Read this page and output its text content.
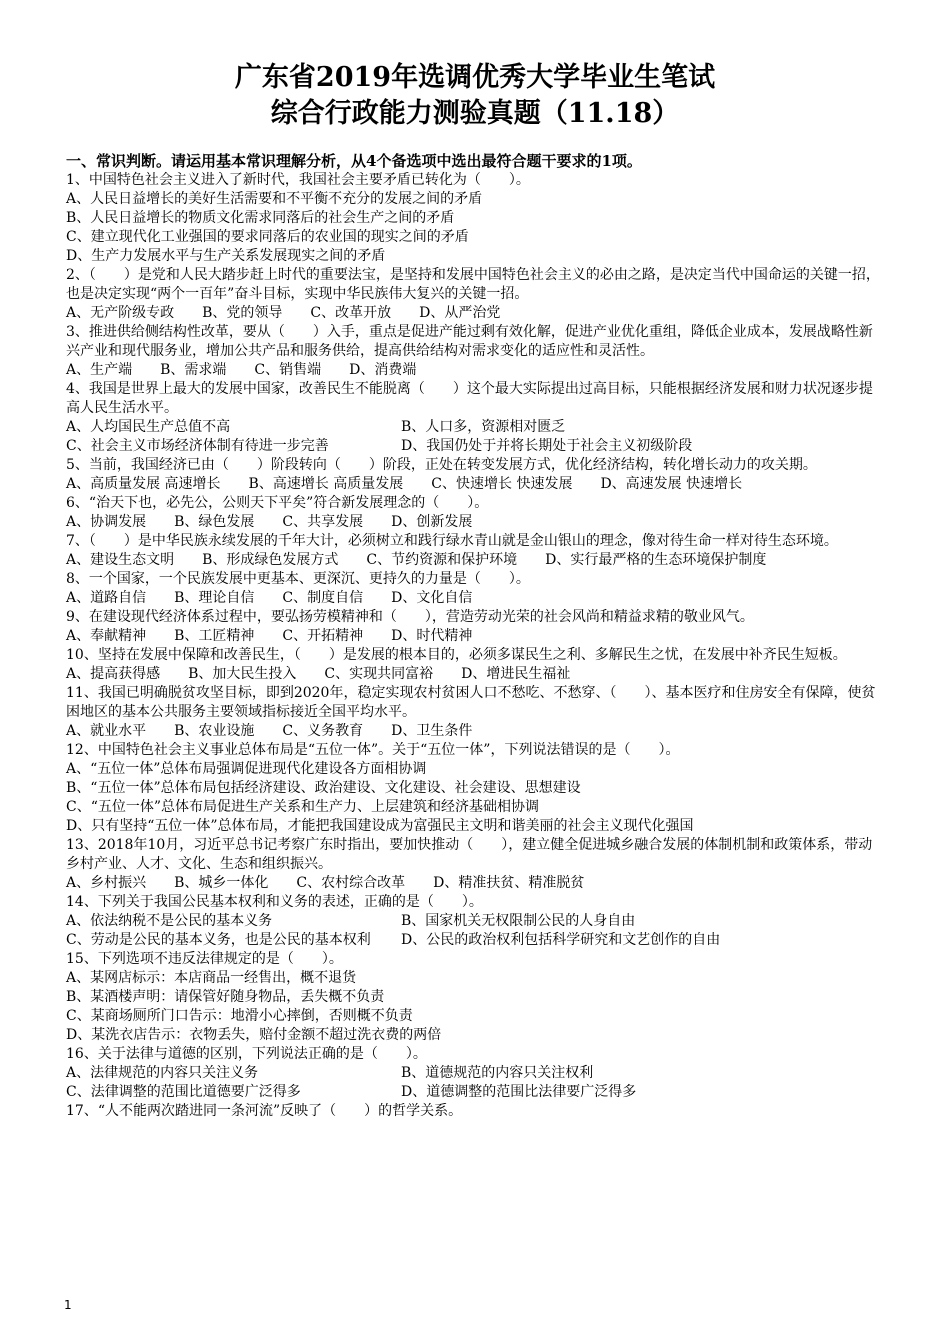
广东省2019年选调优秀大学毕业生笔试
综合行政能力测验真题（11.18）
一、常识判断。请运用基本常识理解分析，从4个备选项中选出最符合题干要求的1项。
1、中国特色社会主义进入了新时代，我国社会主要矛盾已转化为（　　）。
A、人民日益增长的美好生活需要和不平衡不充分的发展之间的矛盾
B、人民日益增长的物质文化需求同落后的社会生产之间的矛盾
C、建立现代化工业强国的要求同落后的农业国的现实之间的矛盾
D、生产力发展水平与生产关系发展现实之间的矛盾
2、（　　）是党和人民大踏步赶上时代的重要法宝，是坚持和发展中国特色社会主义的必由之路，是决定当代中国命运的关键一招，也是决定实现“两个一百年”奋斗目标，实现中华民族伟大复兴的关键一招。
A、无产阶级专政　　B、党的领导　　C、改革开放　　D、从严治党
3、推进供给侧结构性改革，要从（　　）入手，重点是促进产能过剩有效化解，促进产业优化重组，降低企业成本，发展战略性新兴产业和现代服务业，增加公共产品和服务供给，提高供给结构对需求变化的适应性和灵活性。
A、生产端　　B、需求端　　C、销售端　　D、消费端
4、我国是世界上最大的发展中国家，改善民生不能脱离（　　）这个最大实际提出过高目标，只能根据经济发展和财力状况逐步提高人民生活水平。
A、人均国民生产总值不高	B、人口多，资源相对匮乏
C、社会主义市场经济体制有待进一步完善	D、我国仍处于并将长期处于社会主义初级阶段
5、当前，我国经济已由（　　）阶段转向（　　）阶段，正处在转变发展方式，优化经济结构，转化增长动力的攻关期。
A、高质量发展 高速增长　　B、高速增长 高质量发展　　C、快速增长 快速发展　　D、高速发展 快速增长
6、“治天下也，必先公，公则天下平矣”符合新发展理念的（　　）。
A、协调发展　　B、绿色发展　　C、共享发展　　D、创新发展
7、（　　）是中华民族永续发展的千年大计，必须树立和践行绿水青山就是金山银山的理念，像对待生命一样对待生态环境。
A、建设生态文明　　B、形成绿色发展方式　　C、节约资源和保护环境　　D、实行最严格的生态环境保护制度
8、一个国家，一个民族发展中更基本、更深沉、更持久的力量是（　　）。
A、道路自信　　B、理论自信　　C、制度自信　　D、文化自信
9、在建设现代经济体系过程中，要弘扬劳模精神和（　　），营造劳动光荣的社会风尚和精益求精的敬业风气。
A、奉献精神　　B、工匠精神　　C、开拓精神　　D、时代精神
10、坚持在发展中保障和改善民生，（　　）是发展的根本目的，必须多谋民生之利、多解民生之忧，在发展中补齐民生短板。
A、提高获得感　　B、加大民生投入　　C、实现共同富裕　　D、增进民生福祉
11、我国已明确脱贫攻坚目标，即到2020年，稳定实现农村贫困人口不愁吃、不愁穿、（　　）、基本医疗和住房安全有保障，使贫困地区的基本公共服务主要领域指标接近全国平均水平。
A、就业水平　　B、农业设施　　C、义务教育　　D、卫生条件
12、中国特色社会主义事业总体布局是“五位一体”。关于“五位一体”，下列说法错误的是（　　）。
A、“五位一体”总体布局强调促进现代化建设各方面相协调
B、“五位一体”总体布局包括经济建设、政治建设、文化建设、社会建设、思想建设
C、“五位一体”总体布局促进生产关系和生产力、上层建筑和经济基础相协调
D、只有坚持“五位一体”总体布局，才能把我国建设成为富强民主文明和谐美丽的社会主义现代化强国
13、2018年10月，习近平总书记考察广东时指出，要加快推动（　　），建立健全促进城乡融合发展的体制机制和政策体系，带动乡村产业、人才、文化、生态和组织振兴。
A、乡村振兴　　B、城乡一体化　　C、农村综合改革　　D、精准扶贫、精准脱贫
14、下列关于我国公民基本权利和义务的表述，正确的是（　　）。
A、依法纳税不是公民的基本义务	B、国家机关无权限制公民的人身自由
C、劳动是公民的基本义务，也是公民的基本权利	D、公民的政治权利包括科学研究和文艺创作的自由
15、下列选项不违反法律规定的是（　　）。
A、某网店标示：本店商品一经售出，概不退货
B、某酒楼声明：请保管好随身物品，丢失概不负责
C、某商场厕所门口告示：地滑小心摔倒，否则概不负责
D、某洗衣店告示：衣物丢失，赔付金额不超过洗衣费的两倍
16、关于法律与道德的区别，下列说法正确的是（　　）。
A、法律规范的内容只关注义务	B、道德规范的内容只关注权利
C、法律调整的范围比道德要广泛得多	D、道德调整的范围比法律要广泛得多
17、“人不能两次踏进同一条河流”反映了（　　）的哲学关系。
1
